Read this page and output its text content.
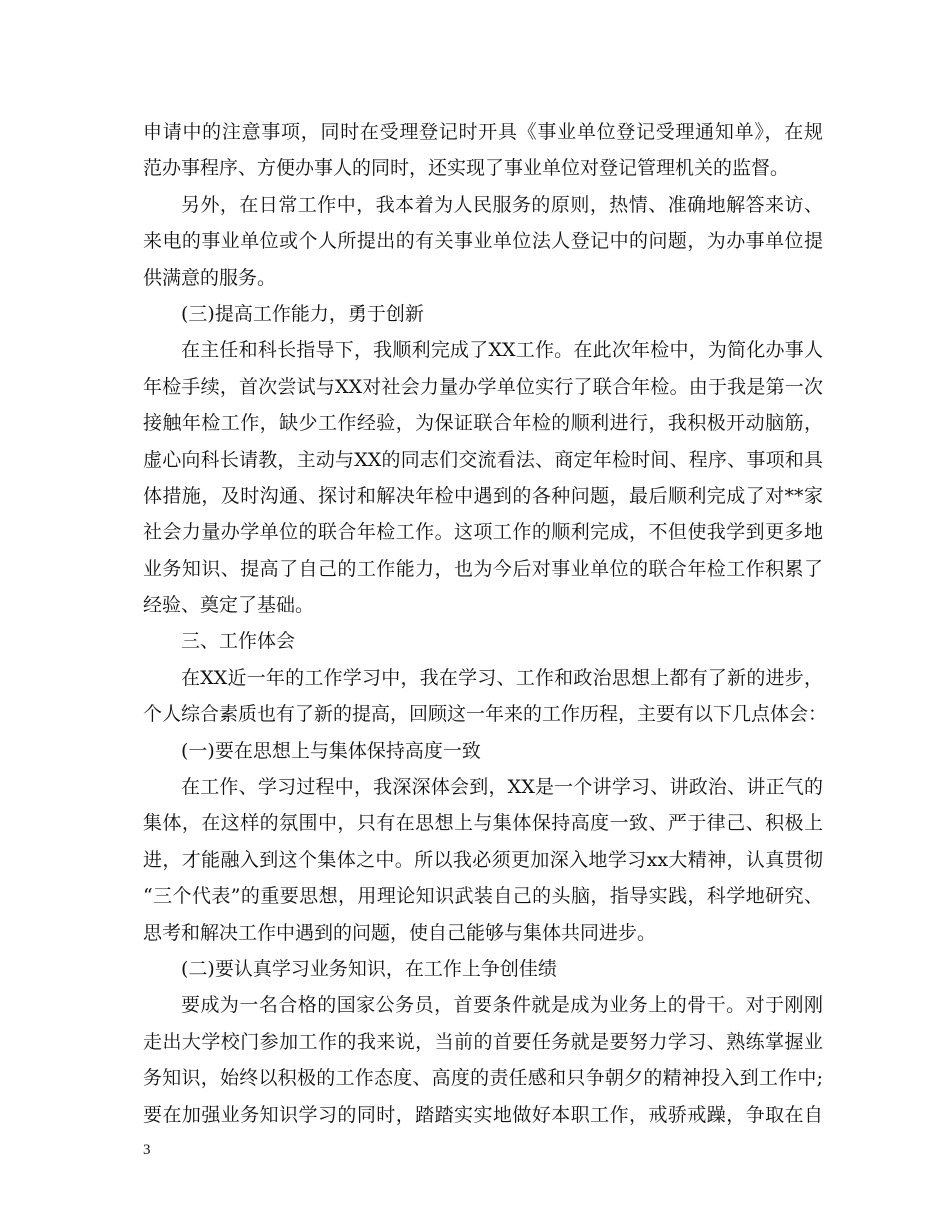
申请中的注意事项，同时在受理登记时开具《事业单位登记受理通知单》，在规
范办事程序、方便办事人的同时，还实现了事业单位对登记管理机关的监督。
另外，在日常工作中，我本着为人民服务的原则，热情、准确地解答来访、
来电的事业单位或个人所提出的有关事业单位法人登记中的问题，为办事单位提
供满意的服务。
(三)提高工作能力，勇于创新
在主任和科长指导下，我顺利完成了XX工作。在此次年检中，为简化办事人
年检手续，首次尝试与XX对社会力量办学单位实行了联合年检。由于我是第一次
接触年检工作，缺少工作经验，为保证联合年检的顺利进行，我积极开动脑筋，
虚心向科长请教，主动与XX的同志们交流看法、商定年检时间、程序、事项和具
体措施，及时沟通、探讨和解决年检中遇到的各种问题，最后顺利完成了对**家
社会力量办学单位的联合年检工作。这项工作的顺利完成，不但使我学到更多地
业务知识、提高了自己的工作能力，也为今后对事业单位的联合年检工作积累了
经验、奠定了基础。
三、工作体会
在XX近一年的工作学习中，我在学习、工作和政治思想上都有了新的进步，
个人综合素质也有了新的提高，回顾这一年来的工作历程，主要有以下几点体会：
(一)要在思想上与集体保持高度一致
在工作、学习过程中，我深深体会到，XX是一个讲学习、讲政治、讲正气的
集体，在这样的氛围中，只有在思想上与集体保持高度一致、严于律己、积极上
进，才能融入到这个集体之中。所以我必须更加深入地学习xx大精神，认真贯彻
“三个代表”的重要思想，用理论知识武装自己的头脑，指导实践，科学地研究、
思考和解决工作中遇到的问题，使自己能够与集体共同进步。
(二)要认真学习业务知识，在工作上争创佳绩
要成为一名合格的国家公务员，首要条件就是成为业务上的骨干。对于刚刚
走出大学校门参加工作的我来说，当前的首要任务就是要努力学习、熟练掌握业
务知识，始终以积极的工作态度、高度的责任感和只争朝夕的精神投入到工作中;
要在加强业务知识学习的同时，踏踏实实地做好本职工作，戒骄戒躁，争取在自
3
